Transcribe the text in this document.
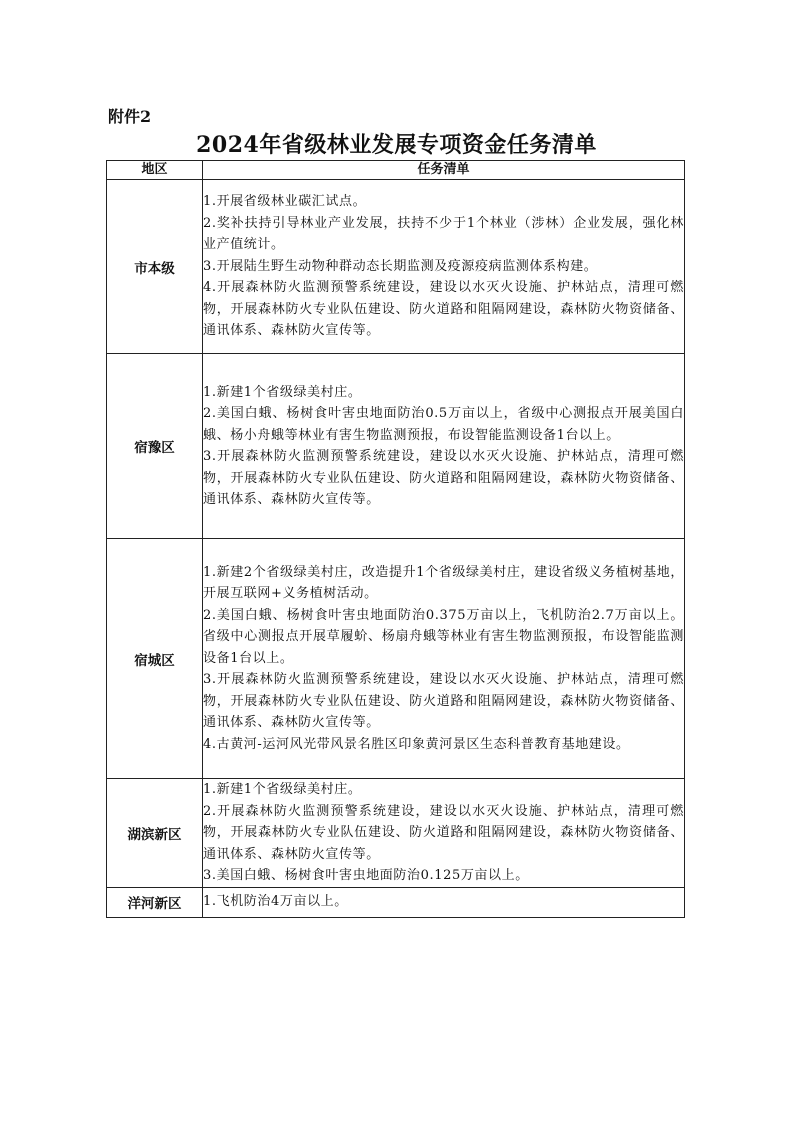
附件2
2024年省级林业发展专项资金任务清单
地区	任务清单
市本级	1.开展省级林业碳汇试点。
2.奖补扶持引导林业产业发展，扶持不少于1个林业（涉林）企业发展，强化林业产值统计。
3.开展陆生野生动物种群动态长期监测及疫源疫病监测体系构建。
4.开展森林防火监测预警系统建设，建设以水灭火设施、护林站点，清理可燃物，开展森林防火专业队伍建设、防火道路和阻隔网建设，森林防火物资储备、通讯体系、森林防火宣传等。

宿豫区	1.新建1个省级绿美村庄。
2.美国白蛾、杨树食叶害虫地面防治0.5万亩以上，省级中心测报点开展美国白蛾、杨小舟蛾等林业有害生物监测预报，布设智能监测设备1台以上。
3.开展森林防火监测预警系统建设，建设以水灭火设施、护林站点，清理可燃物，开展森林防火专业队伍建设、防火道路和阻隔网建设，森林防火物资储备、通讯体系、森林防火宣传等。

宿城区	1.新建2个省级绿美村庄，改造提升1个省级绿美村庄，建设省级义务植树基地，开展互联网+义务植树活动。
2.美国白蛾、杨树食叶害虫地面防治0.375万亩以上，飞机防治2.7万亩以上。省级中心测报点开展草履蚧、杨扇舟蛾等林业有害生物监测预报，布设智能监测设备1台以上。
3.开展森林防火监测预警系统建设，建设以水灭火设施、护林站点，清理可燃物，开展森林防火专业队伍建设、防火道路和阻隔网建设，森林防火物资储备、通讯体系、森林防火宣传等。
4.古黄河-运河风光带风景名胜区印象黄河景区生态科普教育基地建设。

湖滨新区	1.新建1个省级绿美村庄。
2.开展森林防火监测预警系统建设，建设以水灭火设施、护林站点，清理可燃物，开展森林防火专业队伍建设、防火道路和阻隔网建设，森林防火物资储备、通讯体系、森林防火宣传等。
3.美国白蛾、杨树食叶害虫地面防治0.125万亩以上。

洋河新区	1.飞机防治4万亩以上。
